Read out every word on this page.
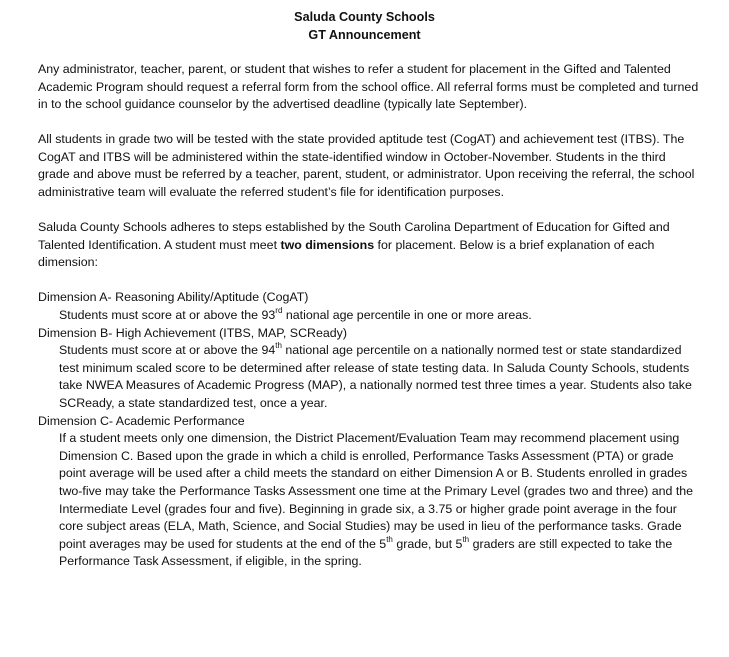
Saluda County Schools
GT Announcement

Any administrator, teacher, parent, or student that wishes to refer a student for placement in the Gifted and Talented Academic Program should request a referral form from the school office. All referral forms must be completed and turned in to the school guidance counselor by the advertised deadline (typically late September).

All students in grade two will be tested with the state provided aptitude test (CogAT) and achievement test (ITBS). The CogAT and ITBS will be administered within the state-identified window in October-November. Students in the third grade and above must be referred by a teacher, parent, student, or administrator. Upon receiving the referral, the school administrative team will evaluate the referred student’s file for identification purposes.

Saluda County Schools adheres to steps established by the South Carolina Department of Education for Gifted and Talented Identification. A student must meet two dimensions for placement. Below is a brief explanation of each dimension:

Dimension A- Reasoning Ability/Aptitude (CogAT)

Students must score at or above the 93rd national age percentile in one or more areas.

Dimension B- High Achievement (ITBS, MAP, SCReady)

Students must score at or above the 94th national age percentile on a nationally normed test or state standardized test minimum scaled score to be determined after release of state testing data. In Saluda County Schools, students take NWEA Measures of Academic Progress (MAP), a nationally normed test three times a year. Students also take SCReady, a state standardized test, once a year.

Dimension C- Academic Performance

If a student meets only one dimension, the District Placement/Evaluation Team may recommend placement using Dimension C. Based upon the grade in which a child is enrolled, Performance Tasks Assessment (PTA) or grade point average will be used after a child meets the standard on either Dimension A or B. Students enrolled in grades two-five may take the Performance Tasks Assessment one time at the Primary Level (grades two and three) and the Intermediate Level (grades four and five). Beginning in grade six, a 3.75 or higher grade point average in the four core subject areas (ELA, Math, Science, and Social Studies) may be used in lieu of the performance tasks. Grade point averages may be used for students at the end of the 5th grade, but 5th graders are still expected to take the Performance Task Assessment, if eligible, in the spring.
